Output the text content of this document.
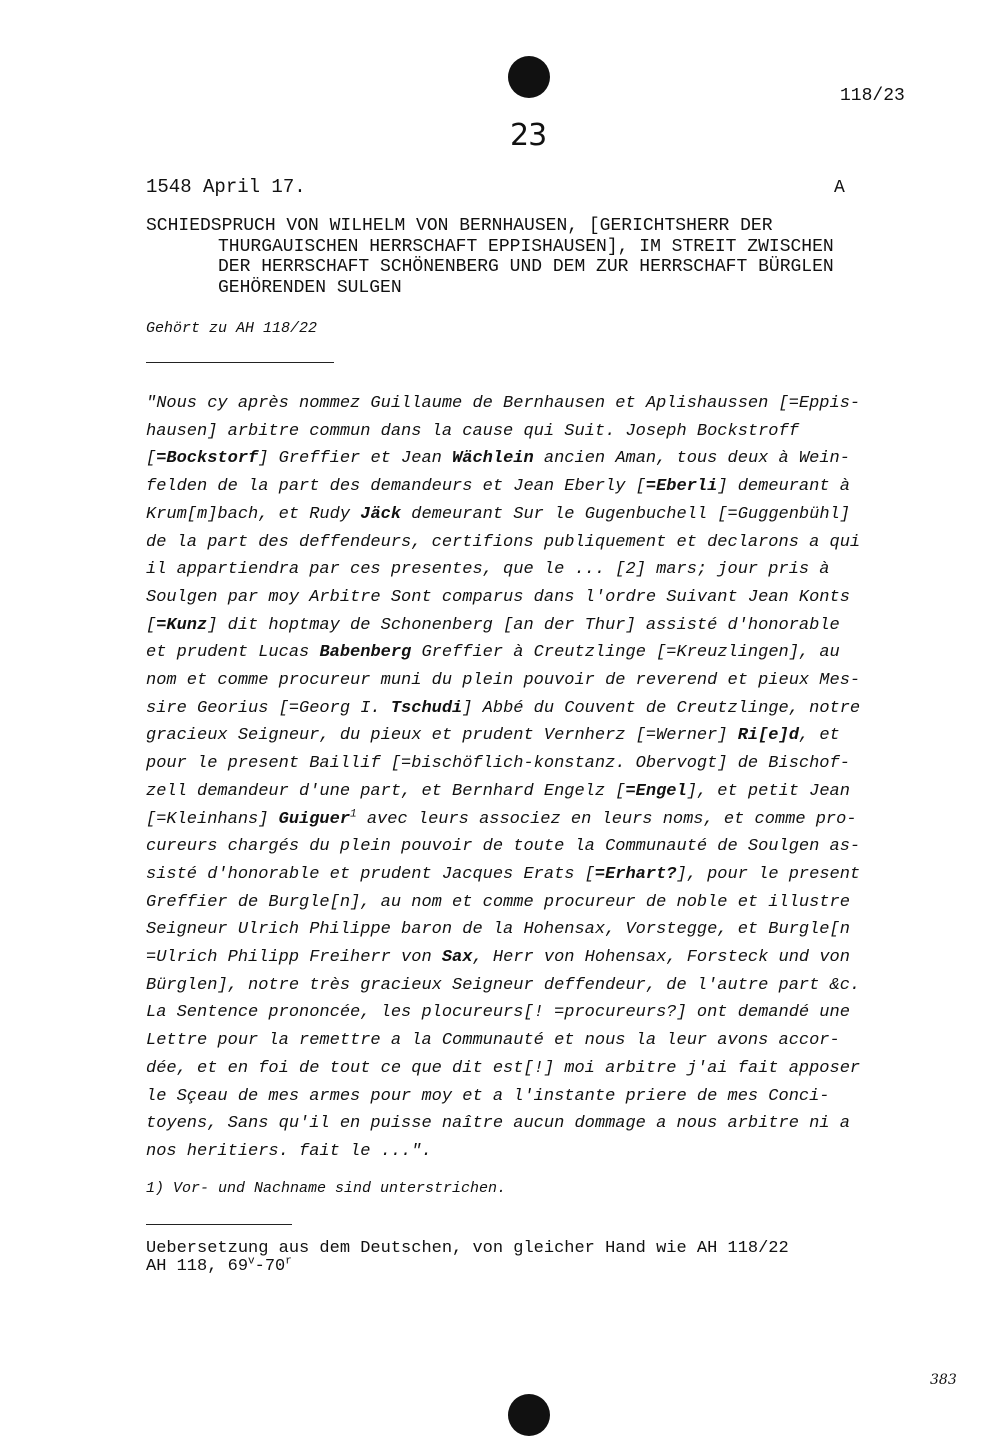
118/23
23
1548 April 17.	A
SCHIEDSPRUCH VON WILHELM VON BERNHAUSEN, [GERICHTSHERR DER
THURGAUISCHEN HERRSCHAFT EPPISHAUSEN], IM STREIT ZWISCHEN
DER HERRSCHAFT SCHÖNENBERG UND DEM ZUR HERRSCHAFT BÜRGLEN
GEHÖRENDEN SULGEN
Gehört zu AH 118/22
"Nous cy après nommez Guillaume de Bernhausen et Aplishaussen [=Eppis-
hausen] arbitre commun dans la cause qui Suit. Joseph Bockstroff
[=Bockstorf] Greffier et Jean Wächlein ancien Aman, tous deux à Wein-
felden de la part des demandeurs et Jean Eberly [=Eberli] demeurant à
Krum[m]bach, et Rudy Jäck demeurant Sur le Gugenbuchell [=Guggenbühl]
de la part des deffendeurs, certifions publiquement et declarons a qui
il appartiendra par ces presentes, que le ... [2] mars; jour pris à
Soulgen par moy Arbitre Sont comparus dans l'ordre Suivant Jean Konts
[=Kunz] dit hoptmay de Schonenberg [an der Thur] assisté d'honorable
et prudent Lucas Babenberg Greffier à Creutzlinge [=Kreuzlingen], au
nom et comme procureur muni du plein pouvoir de reverend et pieux Mes-
sire Georius [=Georg I. Tschudi] Abbé du Couvent de Creutzlinge, notre
gracieux Seigneur, du pieux et prudent Vernherz [=Werner] Ri[e]d, et
pour le present Baillif [=bischöflich-konstanz. Obervogt] de Bischof-
zell demandeur d'une part, et Bernhard Engelz [=Engel], et petit Jean
[=Kleinhans] Guiguer$^1$ avec leurs associez en leurs noms, et comme pro-
cureurs chargés du plein pouvoir de toute la Communauté de Soulgen as-
sisté d'honorable et prudent Jacques Erats [=Erhart?], pour le present
Greffier de Burgle[n], au nom et comme procureur de noble et illustre
Seigneur Ulrich Philippe baron de la Hohensax, Vorstegge, et Burgle[n
=Ulrich Philipp Freiherr von Sax, Herr von Hohensax, Forsteck und von
Bürglen], notre très gracieux Seigneur deffendeur, de l'autre part &c.
La Sentence prononcée, les plocureurs[! =procureurs?] ont demandé une
Lettre pour la remettre a la Communauté et nous la leur avons accor-
dée, et en foi de tout ce que dit est[!] moi arbitre j'ai fait apposer
le Sçeau de mes armes pour moy et a l'instante priere de mes Conci-
toyens, Sans qu'il en puisse naître aucun dommage a nous arbitre ni a
nos heritiers. fait le ...".
1) Vor- und Nachname sind unterstrichen.
Uebersetzung aus dem Deutschen, von gleicher Hand wie AH 118/22
AH 118, 69$^v$-70$^r$
383
